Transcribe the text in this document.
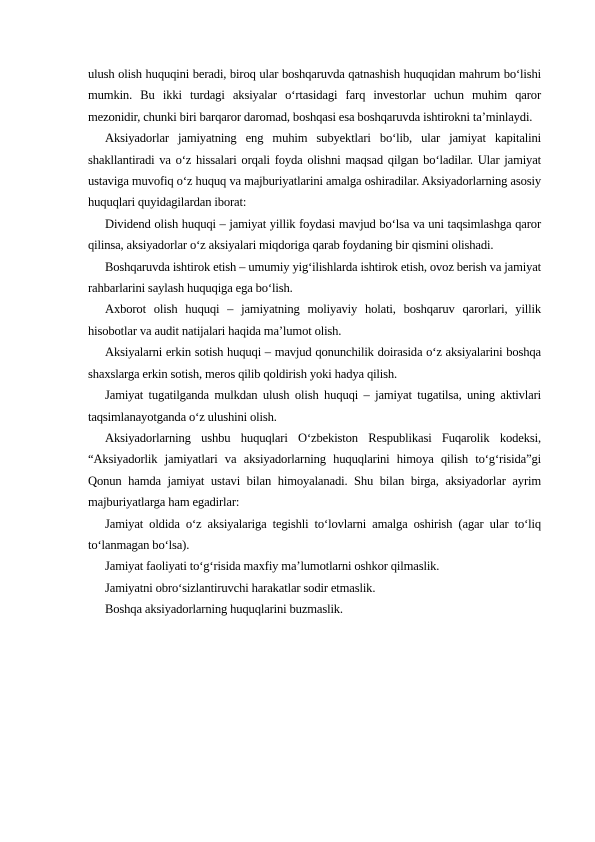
ulush olish huquqini beradi, biroq ular boshqaruvda qatnashish huquqidan mahrum bo‘lishi mumkin. Bu ikki turdagi aksiyalar o‘rtasidagi farq investorlar uchun muhim qaror mezonidir, chunki biri barqaror daromad, boshqasi esa boshqaruvda ishtirokni ta’minlaydi.

Aksiyadorlar jamiyatning eng muhim subyektlari bo‘lib, ular jamiyat kapitalini shakllantiradi va o‘z hissalari orqali foyda olishni maqsad qilgan bo‘ladilar. Ular jamiyat ustaviga muvofiq o‘z huquq va majburiyatlarini amalga oshiradilar. Aksiyadorlarning asosiy huquqlari quyidagilardan iborat:

Dividend olish huquqi – jamiyat yillik foydasi mavjud bo‘lsa va uni taqsimlashga qaror qilinsa, aksiyadorlar o‘z aksiyalari miqdoriga qarab foydaning bir qismini olishadi.

Boshqaruvda ishtirok etish – umumiy yig‘ilishlarda ishtirok etish, ovoz berish va jamiyat rahbarlarini saylash huquqiga ega bo‘lish.

Axborot olish huquqi – jamiyatning moliyaviy holati, boshqaruv qarorlari, yillik hisobotlar va audit natijalari haqida ma’lumot olish.

Aksiyalarni erkin sotish huquqi – mavjud qonunchilik doirasida o‘z aksiyalarini boshqa shaxslarga erkin sotish, meros qilib qoldirish yoki hadya qilish.

Jamiyat tugatilganda mulkdan ulush olish huquqi – jamiyat tugatilsa, uning aktivlari taqsimlanayotganda o‘z ulushini olish.

Aksiyadorlarning ushbu huquqlari O‘zbekiston Respublikasi Fuqarolik kodeksi, “Aksiyadorlik jamiyatlari va aksiyadorlarning huquqlarini himoya qilish to‘g‘risida”gi Qonun hamda jamiyat ustavi bilan himoyalanadi. Shu bilan birga, aksiyadorlar ayrim majburiyatlarga ham egadirlar:

Jamiyat oldida o‘z aksiyalariga tegishli to‘lovlarni amalga oshirish (agar ular to‘liq to‘lanmagan bo‘lsa).

Jamiyat faoliyati to‘g‘risida maxfiy ma’lumotlarni oshkor qilmaslik.

Jamiyatni obro‘sizlantiruvchi harakatlar sodir etmaslik.

Boshqa aksiyadorlarning huquqlarini buzmaslik.
